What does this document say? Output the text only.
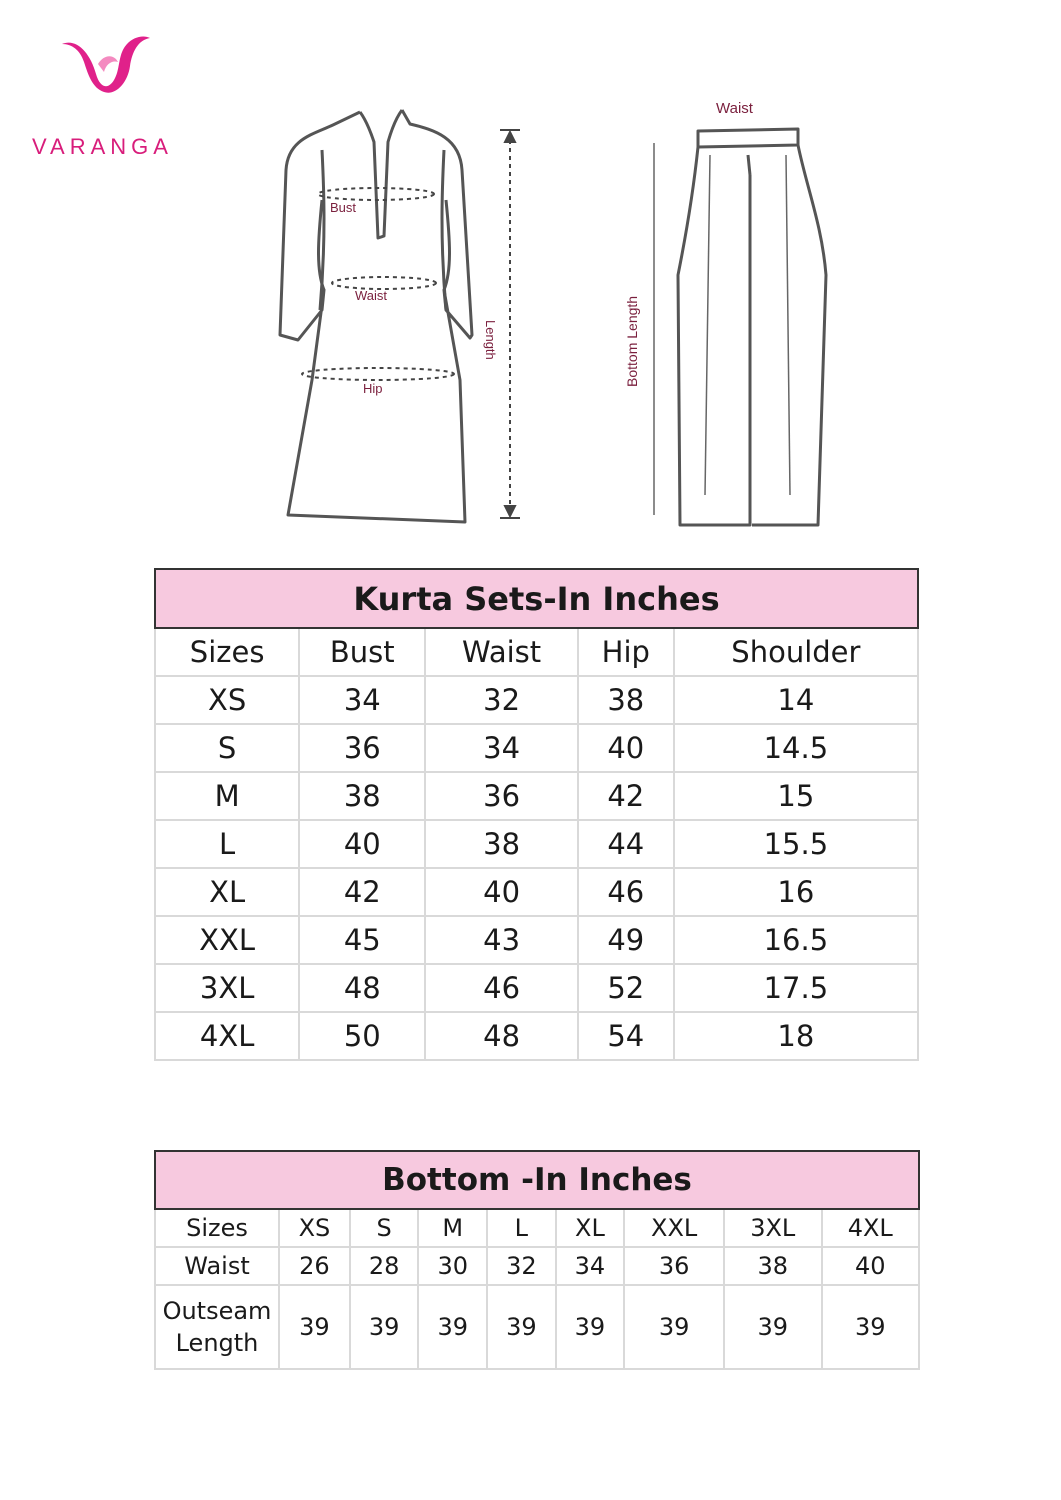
VARANGA
Bust
Waist
Hip
Length
Waist
Bottom Length
Kurta Sets-In Inches				
Sizes	Bust	Waist	Hip	Shoulder
XS	34	32	38	14
S	36	34	40	14.5
M	38	36	42	15
L	40	38	44	15.5
XL	42	40	46	16
XXL	45	43	49	16.5
3XL	48	46	52	17.5
4XL	50	48	54	18
Bottom -In Inches								
Sizes	XS	S	M	L	XL	XXL	3XL	4XL
Waist	26	28	30	32	34	36	38	40
Outseam
Length	39	39	39	39	39	39	39	39
